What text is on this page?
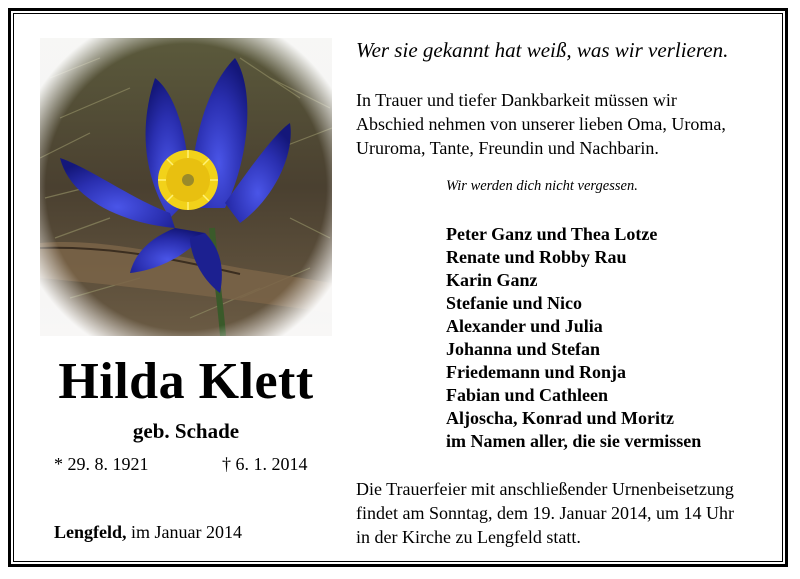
Hilda Klett
geb. Schade
* 29. 8. 1921	† 6. 1. 2014
Lengfeld, im Januar 2014
Wer sie gekannt hat weiß, was wir verlieren.
In Trauer und tiefer Dankbarkeit müssen wir
Abschied nehmen von unserer lieben Oma, Uroma,
Ururoma, Tante, Freundin und Nachbarin.
Wir werden dich nicht vergessen.
Peter Ganz und Thea Lotze
Renate und Robby Rau
Karin Ganz
Stefanie und Nico
Alexander und Julia
Johanna und Stefan
Friedemann und Ronja
Fabian und Cathleen
Aljoscha, Konrad und Moritz
im Namen aller, die sie vermissen
Die Trauerfeier mit anschließender Urnenbeisetzung
findet am Sonntag, dem 19. Januar 2014, um 14 Uhr
in der Kirche zu Lengfeld statt.
